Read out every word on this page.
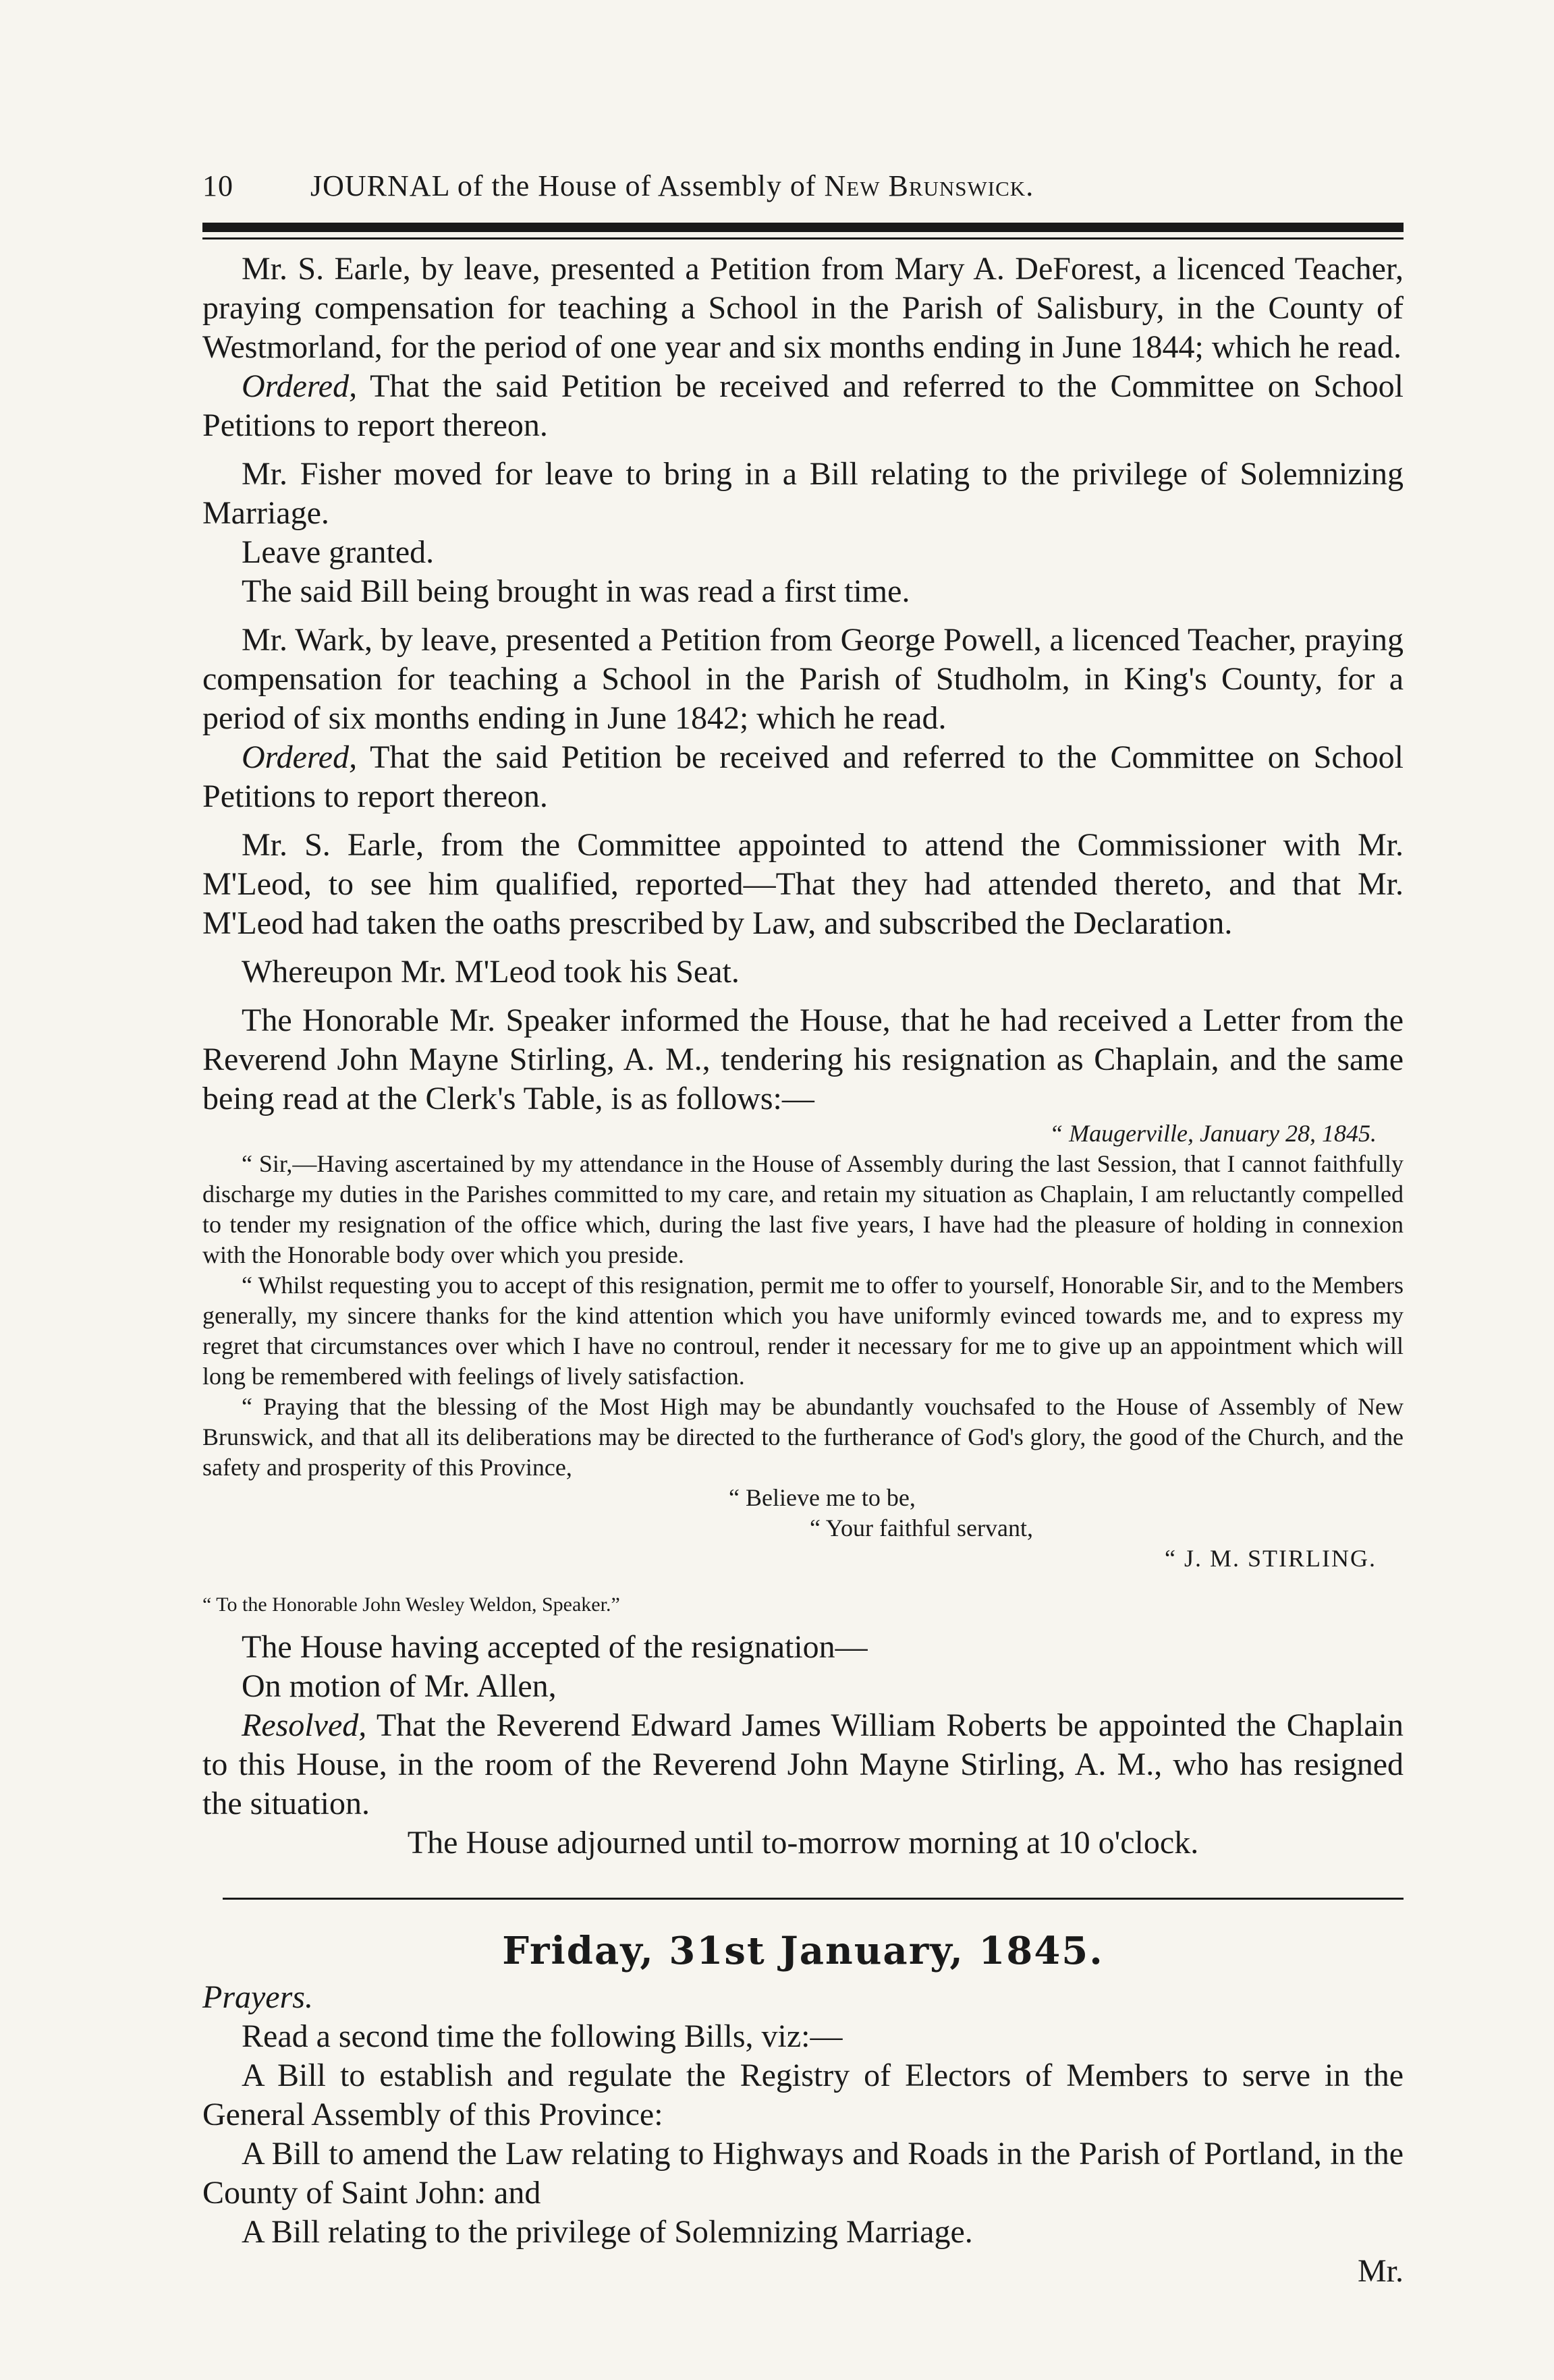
10	JOURNAL of the House of Assembly of New Brunswick.

Mr. S. Earle, by leave, presented a Petition from Mary A. DeForest, a licenced Teacher, praying compensation for teaching a School in the Parish of Salisbury, in the County of Westmorland, for the period of one year and six months ending in June 1844; which he read.

Ordered, That the said Petition be received and referred to the Committee on School Petitions to report thereon.

Mr. Fisher moved for leave to bring in a Bill relating to the privilege of Solemnizing Marriage.

Leave granted.

The said Bill being brought in was read a first time.

Mr. Wark, by leave, presented a Petition from George Powell, a licenced Teacher, praying compensation for teaching a School in the Parish of Studholm, in King's County, for a period of six months ending in June 1842; which he read.

Ordered, That the said Petition be received and referred to the Committee on School Petitions to report thereon.

Mr. S. Earle, from the Committee appointed to attend the Commissioner with Mr. M'Leod, to see him qualified, reported—That they had attended thereto, and that Mr. M'Leod had taken the oaths prescribed by Law, and subscribed the Declaration.

Whereupon Mr. M'Leod took his Seat.

The Honorable Mr. Speaker informed the House, that he had received a Letter from the Reverend John Mayne Stirling, A. M., tendering his resignation as Chaplain, and the same being read at the Clerk's Table, is as follows:—

“ Maugerville, January 28, 1845.

“ Sir,—Having ascertained by my attendance in the House of Assembly during the last Session, that I cannot faithfully discharge my duties in the Parishes committed to my care, and retain my situation as Chaplain, I am reluctantly compelled to tender my resignation of the office which, during the last five years, I have had the pleasure of holding in connexion with the Honorable body over which you preside.

“ Whilst requesting you to accept of this resignation, permit me to offer to yourself, Honorable Sir, and to the Members generally, my sincere thanks for the kind attention which you have uniformly evinced towards me, and to express my regret that circumstances over which I have no controul, render it necessary for me to give up an appointment which will long be remembered with feelings of lively satisfaction.

“ Praying that the blessing of the Most High may be abundantly vouchsafed to the House of Assembly of New Brunswick, and that all its deliberations may be directed to the furtherance of God's glory, the good of the Church, and the safety and prosperity of this Province,

“ Believe me to be,

“ Your faithful servant,

“ J. M. STIRLING.

“ To the Honorable John Wesley Weldon, Speaker.”

The House having accepted of the resignation—

On motion of Mr. Allen,

Resolved, That the Reverend Edward James William Roberts be appointed the Chaplain to this House, in the room of the Reverend John Mayne Stirling, A. M., who has resigned the situation.

The House adjourned until to-morrow morning at 10 o'clock.

Friday, 31st January, 1845.

Prayers.

Read a second time the following Bills, viz:—

A Bill to establish and regulate the Registry of Electors of Members to serve in the General Assembly of this Province:

A Bill to amend the Law relating to Highways and Roads in the Parish of Portland, in the County of Saint John: and

A Bill relating to the privilege of Solemnizing Marriage.

Mr.
